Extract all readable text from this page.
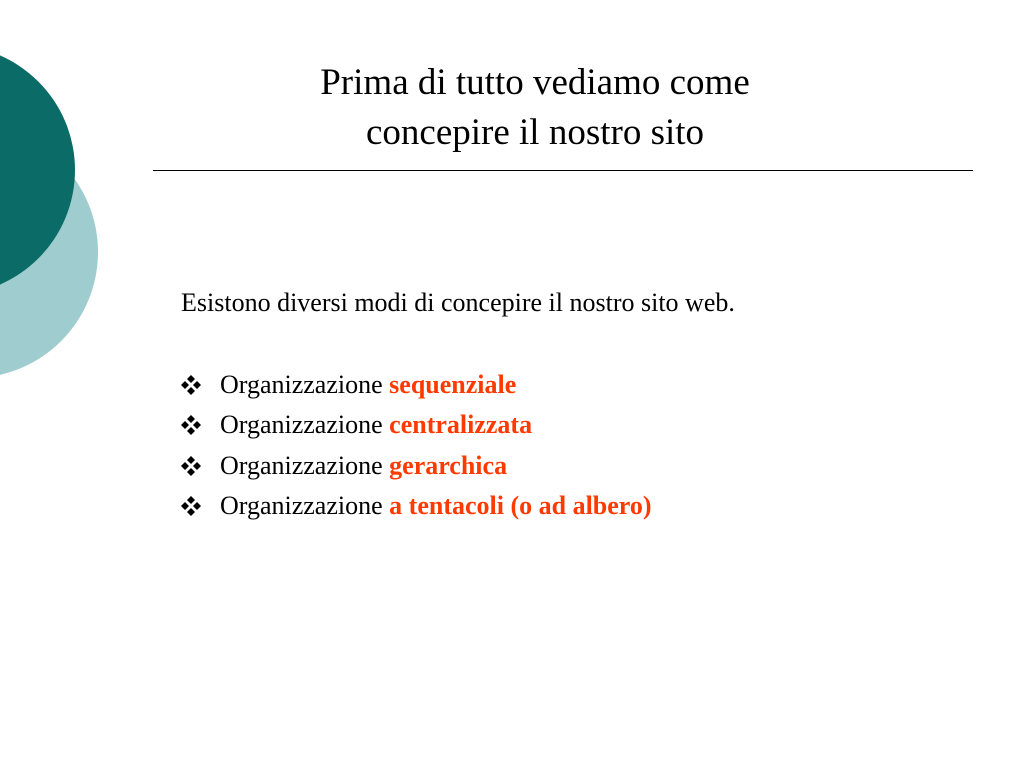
Prima di tutto vediamo come
concepire il nostro sito

Esistono diversi modi di concepire il nostro sito web.

Organizzazione
sequenziale
Organizzazione
centralizzata
Organizzazione
gerarchica
Organizzazione
a tentacoli (o ad albero)
